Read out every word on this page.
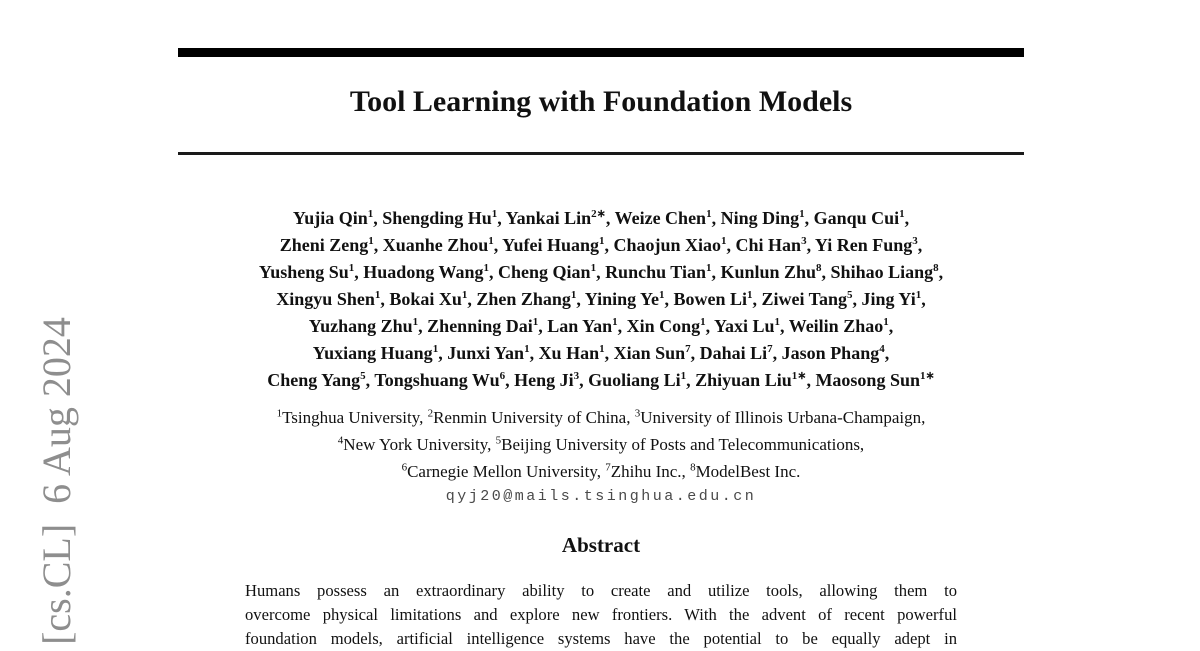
[cs.CL]  6 Aug 2024
Tool Learning with Foundation Models
Yujia Qin$^1$, Shengding Hu$^1$, Yankai Lin$^{2∗}$, Weize Chen$^1$, Ning Ding$^1$, Ganqu Cui$^1$,
Zheni Zeng$^1$, Xuanhe Zhou$^1$, Yufei Huang$^1$, Chaojun Xiao$^1$, Chi Han$^3$, Yi Ren Fung$^3$,
Yusheng Su$^1$, Huadong Wang$^1$, Cheng Qian$^1$, Runchu Tian$^1$, Kunlun Zhu$^8$, Shihao Liang$^8$,
Xingyu Shen$^1$, Bokai Xu$^1$, Zhen Zhang$^1$, Yining Ye$^1$, Bowen Li$^1$, Ziwei Tang$^5$, Jing Yi$^1$,
Yuzhang Zhu$^1$, Zhenning Dai$^1$, Lan Yan$^1$, Xin Cong$^1$, Yaxi Lu$^1$, Weilin Zhao$^1$,
Yuxiang Huang$^1$, Junxi Yan$^1$, Xu Han$^1$, Xian Sun$^7$, Dahai Li$^7$, Jason Phang$^4$,
Cheng Yang$^5$, Tongshuang Wu$^6$, Heng Ji$^3$, Guoliang Li$^1$, Zhiyuan Liu$^{1∗}$, Maosong Sun$^{1∗}$
$^1$Tsinghua University, $^2$Renmin University of China, $^3$University of Illinois Urbana-Champaign,
$^4$New York University, $^5$Beijing University of Posts and Telecommunications,
$^6$Carnegie Mellon University, $^7$Zhihu Inc., $^8$ModelBest Inc.
qyj20@mails.tsinghua.edu.cn
Abstract
Humans possess an extraordinary ability to create and utilize tools, allowing them to
overcome physical limitations and explore new frontiers. With the advent of recent powerful
foundation models, artificial intelligence systems have the potential to be equally adept in
